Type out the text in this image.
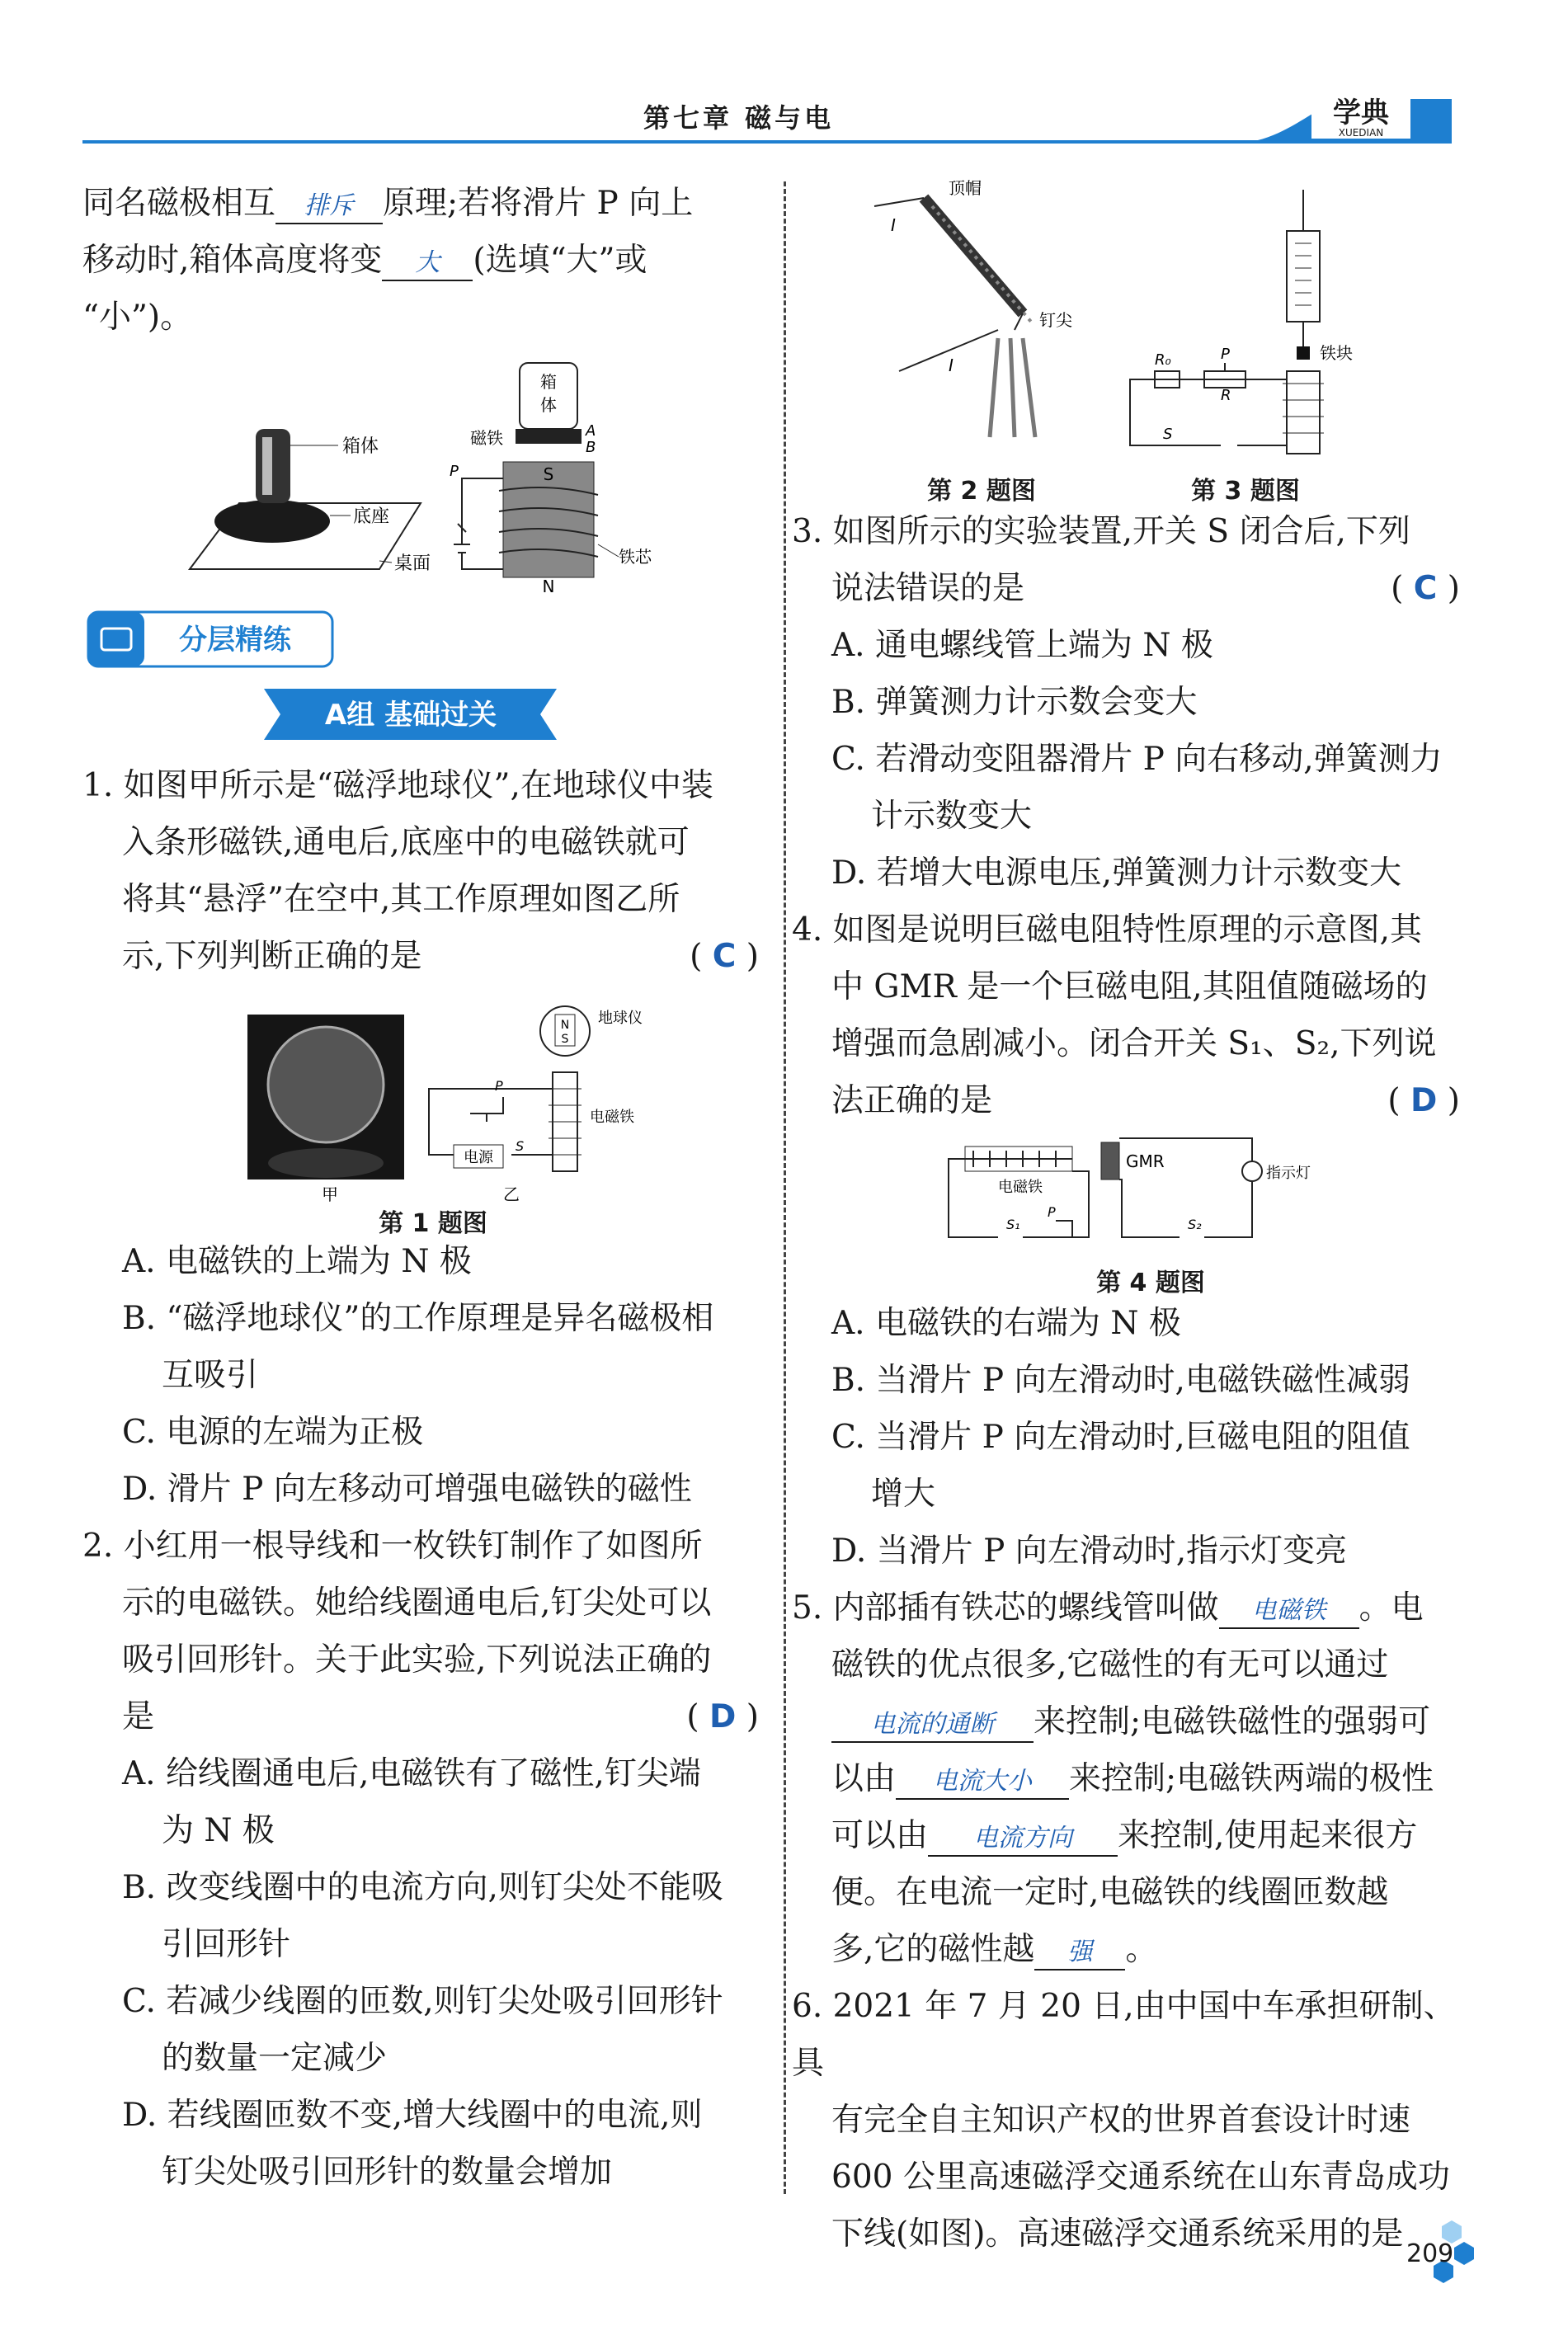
第七章 磁与电	学典
XUEDIAN

同名磁极相互 排斥 原理;若将滑片 P 向上

移动时,箱体高度将变 大 (选填“大”或

“小”)。

箱体
底座
桌面
箱
体
磁铁	A
B
S
N
铁芯
P
分层精练
A组 基础过关

1. 如图甲所示是“磁浮地球仪”,在地球仪中装

入条形磁铁,通电后,底座中的电磁铁就可

将其“悬浮”在空中,其工作原理如图乙所

示,下列判断正确的是	( C )

甲
N
S
地球仪
电磁铁
电源
S
P
乙
第 1 题图

A. 电磁铁的上端为 N 极

B. “磁浮地球仪”的工作原理是异名磁极相

互吸引

C. 电源的左端为正极

D. 滑片 P 向左移动可增强电磁铁的磁性

2. 小红用一根导线和一枚铁钉制作了如图所

示的电磁铁。她给线圈通电后,钉尖处可以

吸引回形针。关于此实验,下列说法正确的

是	( D )

A. 给线圈通电后,电磁铁有了磁性,钉尖端

为 N 极

B. 改变线圈中的电流方向,则钉尖处不能吸

引回形针

C. 若减少线圈的匝数,则钉尖处吸引回形针

的数量一定减少

D. 若线圈匝数不变,增大线圈中的电流,则

钉尖处吸引回形针的数量会增加

顶帽
I
钉尖
I
铁块
R₀
R
P
S
第 2 题图	第 3 题图

3. 如图所示的实验装置,开关 S 闭合后,下列

说法错误的是	( C )

A. 通电螺线管上端为 N 极

B. 弹簧测力计示数会变大

C. 若滑动变阻器滑片 P 向右移动,弹簧测力

计示数变大

D. 若增大电源电压,弹簧测力计示数变大

4. 如图是说明巨磁电阻特性原理的示意图,其

中 GMR 是一个巨磁电阻,其阻值随磁场的

增强而急剧减小。闭合开关 S₁、S₂,下列说

法正确的是	( D )

电磁铁
GMR
指示灯
S₁
P
S₂
第 4 题图

A. 电磁铁的右端为 N 极

B. 当滑片 P 向左滑动时,电磁铁磁性减弱

C. 当滑片 P 向左滑动时,巨磁电阻的阻值

增大

D. 当滑片 P 向左滑动时,指示灯变亮

5. 内部插有铁芯的螺线管叫做 电磁铁 。电

磁铁的优点很多,它磁性的有无可以通过

电流的通断 来控制;电磁铁磁性的强弱可

以由 电流大小 来控制;电磁铁两端的极性

可以由 电流方向 来控制,使用起来很方

便。在电流一定时,电磁铁的线圈匝数越

多,它的磁性越 强 。

6. 2021 年 7 月 20 日,由中国中车承担研制、具

有完全自主知识产权的世界首套设计时速

600 公里高速磁浮交通系统在山东青岛成功

下线(如图)。高速磁浮交通系统采用的是

209
